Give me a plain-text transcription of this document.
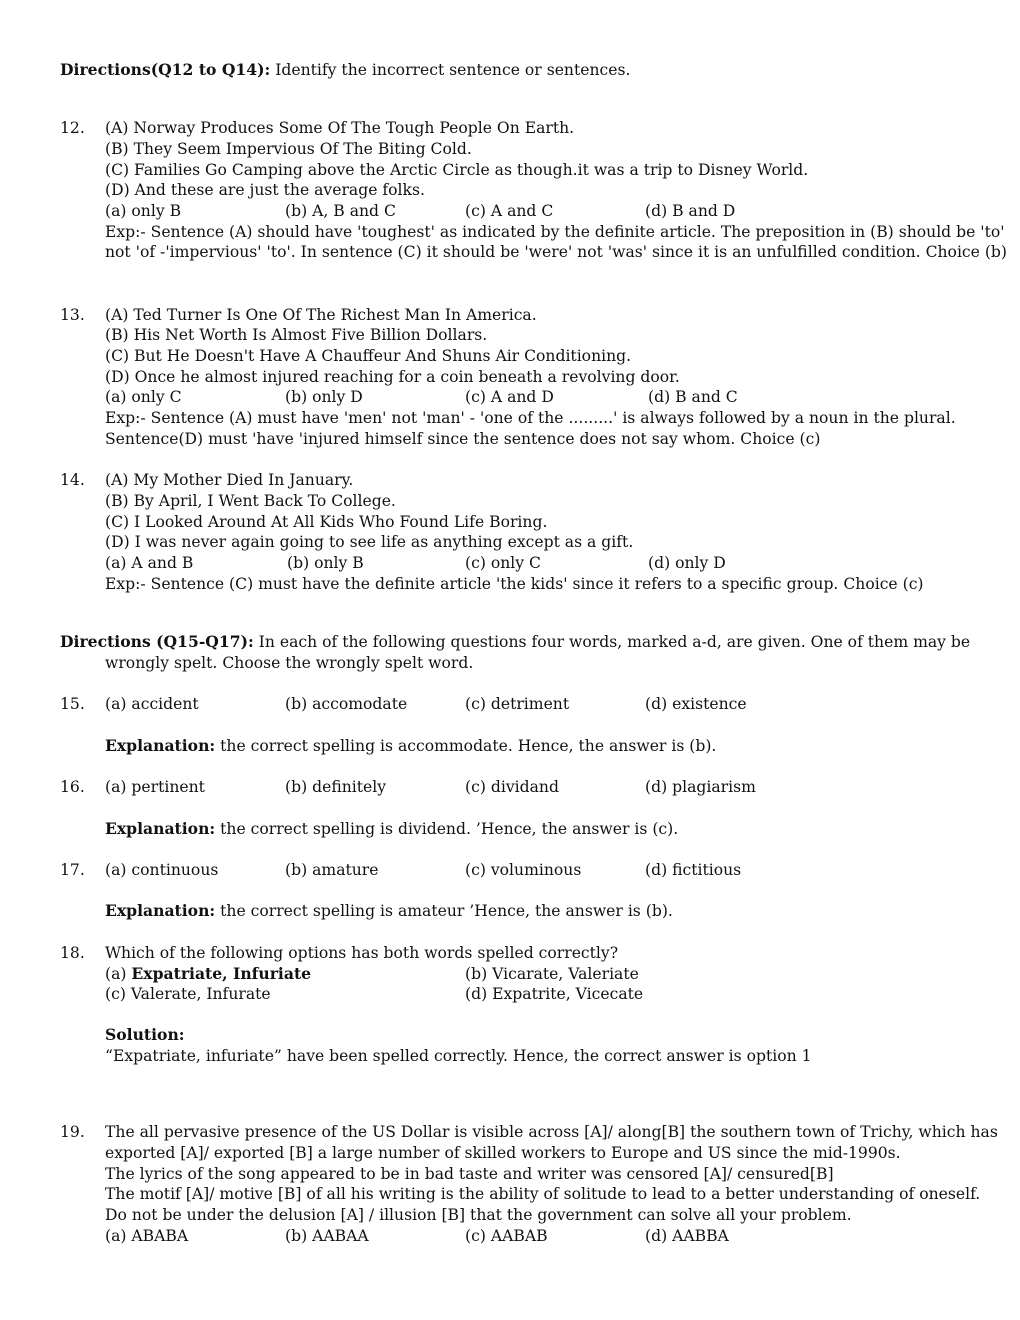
Directions(Q12 to Q14): Identify the incorrect sentence or sentences.
12. (A) Norway Produces Some Of The Tough People On Earth.
(B) They Seem Impervious Of The Biting Cold.
(C) Families Go Camping above the Arctic Circle as though.it was a trip to Disney World.
(D) And these are just the average folks.
(a) only B	(b) A, B and C	(c) A and C	(d) B and D
Exp:- Sentence (A) should have 'toughest' as indicated by the definite article. The preposition in (B) should be 'to'
not 'of -'impervious' 'to'. In sentence (C) it should be 'were' not 'was' since it is an unfulfilled condition. Choice (b)
13. (A) Ted Turner Is One Of The Richest Man In America.
(B) His Net Worth Is Almost Five Billion Dollars.
(C) But He Doesn't Have A Chauffeur And Shuns Air Conditioning.
(D) Once he almost injured reaching for a coin beneath a revolving door.
(a) only C	(b) only D	(c) A and D	(d) B and C
Exp:- Sentence (A) must have 'men' not 'man' - 'one of the .........' is always followed by a noun in the plural.
Sentence(D) must 'have 'injured himself since the sentence does not say whom. Choice (c)
14. (A) My Mother Died In January.
(B) By April, I Went Back To College.
(C) I Looked Around At All Kids Who Found Life Boring.
(D) I was never again going to see life as anything except as a gift.
(a) A and B	(b) only B	(c) only C	(d) only D
Exp:- Sentence (C) must have the definite article 'the kids' since it refers to a specific group. Choice (c)
Directions (Q15-Q17): In each of the following questions four words, marked a-d, are given. One of them may be
wrongly spelt. Choose the wrongly spelt word.
15. (a) accident	(b) accomodate	(c) detriment	(d) existence
Explanation: the correct spelling is accommodate. Hence, the answer is (b).
16. (a) pertinent	(b) definitely	(c) dividand	(d) plagiarism
Explanation: the correct spelling is dividend. ’Hence, the answer is (c).
17. (a) continuous	(b) amature	(c) voluminous	(d) fictitious
Explanation: the correct spelling is amateur ’Hence, the answer is (b).
18. Which of the following options has both words spelled correctly?
(a) Expatriate, Infuriate	(b) Vicarate, Valeriate
(c) Valerate, Infurate	(d) Expatrite, Vicecate
Solution:
“Expatriate, infuriate” have been spelled correctly. Hence, the correct answer is option 1
19. The all pervasive presence of the US Dollar is visible across [A]/ along[B] the southern town of Trichy, which has
exported [A]/ exported [B] a large number of skilled workers to Europe and US since the mid-1990s.
The lyrics of the song appeared to be in bad taste and writer was censored [A]/ censured[B]
The motif [A]/ motive [B] of all his writing is the ability of solitude to lead to a better understanding of oneself.
Do not be under the delusion [A] / illusion [B] that the government can solve all your problem.
(a) ABABA	(b) AABAA	(c) AABAB	(d) AABBA
